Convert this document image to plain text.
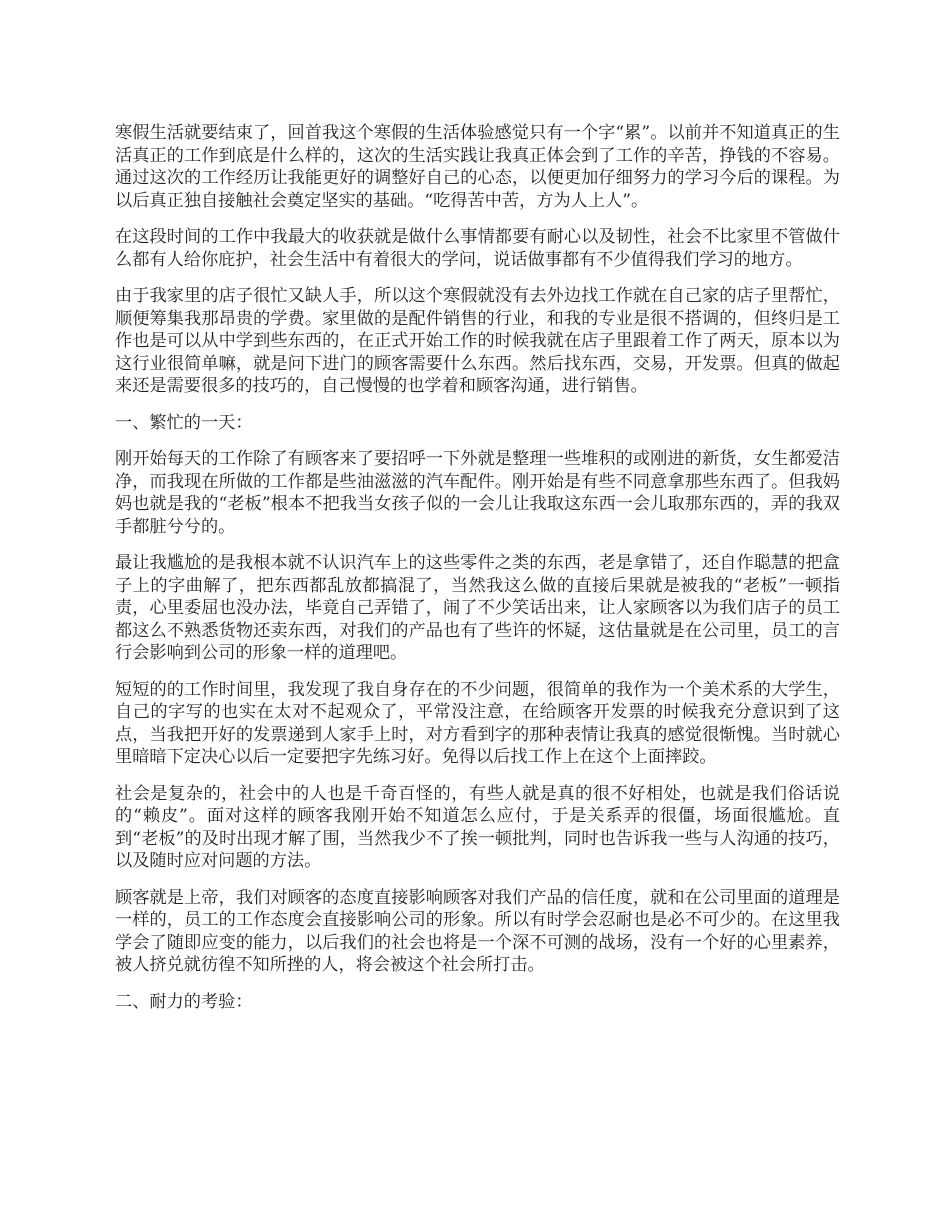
寒假生活就要结束了，回首我这个寒假的生活体验感觉只有一个字“累”。以前并不知道真正的生活真正的工作到底是什么样的，这次的生活实践让我真正体会到了工作的辛苦，挣钱的不容易。通过这次的工作经历让我能更好的调整好自己的心态，以便更加仔细努力的学习今后的课程。为以后真正独自接触社会奠定坚实的基础。“吃得苦中苦，方为人上人”。

在这段时间的工作中我最大的收获就是做什么事情都要有耐心以及韧性，社会不比家里不管做什么都有人给你庇护，社会生活中有着很大的学问，说话做事都有不少值得我们学习的地方。

由于我家里的店子很忙又缺人手，所以这个寒假就没有去外边找工作就在自己家的店子里帮忙，顺便筹集我那昂贵的学费。家里做的是配件销售的行业，和我的专业是很不搭调的，但终归是工作也是可以从中学到些东西的，在正式开始工作的时候我就在店子里跟着工作了两天，原本以为这行业很简单嘛，就是问下进门的顾客需要什么东西。然后找东西，交易，开发票。但真的做起来还是需要很多的技巧的，自己慢慢的也学着和顾客沟通，进行销售。

一、繁忙的一天：

刚开始每天的工作除了有顾客来了要招呼一下外就是整理一些堆积的或刚进的新货，女生都爱洁净，而我现在所做的工作都是些油滋滋的汽车配件。刚开始是有些不同意拿那些东西了。但我妈妈也就是我的“老板”根本不把我当女孩子似的一会儿让我取这东西一会儿取那东西的，弄的我双手都脏兮兮的。

最让我尴尬的是我根本就不认识汽车上的这些零件之类的东西，老是拿错了，还自作聪慧的把盒子上的字曲解了，把东西都乱放都搞混了，当然我这么做的直接后果就是被我的“老板”一顿指责，心里委屈也没办法，毕竟自己弄错了，闹了不少笑话出来，让人家顾客以为我们店子的员工都这么不熟悉货物还卖东西，对我们的产品也有了些许的怀疑，这估量就是在公司里，员工的言行会影响到公司的形象一样的道理吧。

短短的的工作时间里，我发现了我自身存在的不少问题，很简单的我作为一个美术系的大学生，自己的字写的也实在太对不起观众了，平常没注意，在给顾客开发票的时候我充分意识到了这点，当我把开好的发票递到人家手上时，对方看到字的那种表情让我真的感觉很惭愧。当时就心里暗暗下定决心以后一定要把字先练习好。免得以后找工作上在这个上面摔跤。

社会是复杂的，社会中的人也是千奇百怪的，有些人就是真的很不好相处，也就是我们俗话说的“赖皮”。面对这样的顾客我刚开始不知道怎么应付，于是关系弄的很僵，场面很尴尬。直到“老板”的及时出现才解了围，当然我少不了挨一顿批判，同时也告诉我一些与人沟通的技巧，以及随时应对问题的方法。

顾客就是上帝，我们对顾客的态度直接影响顾客对我们产品的信任度，就和在公司里面的道理是一样的，员工的工作态度会直接影响公司的形象。所以有时学会忍耐也是必不可少的。在这里我学会了随即应变的能力，以后我们的社会也将是一个深不可测的战场，没有一个好的心里素养，被人挤兑就彷徨不知所挫的人，将会被这个社会所打击。

二、耐力的考验：
